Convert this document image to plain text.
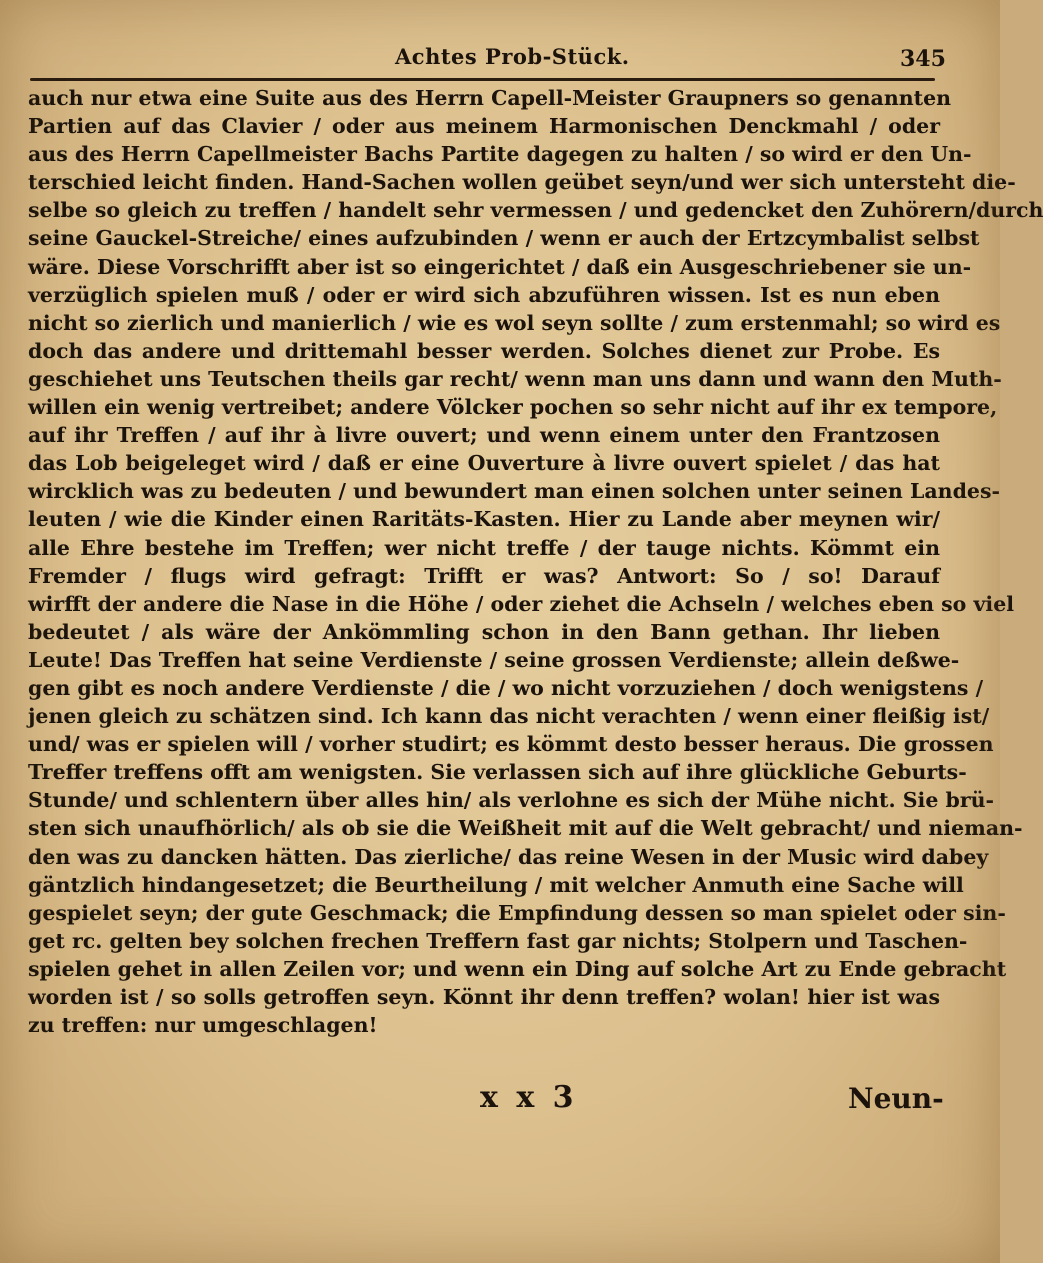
Achtes Prob-Stück.	345
auch nur etwa eine Suite aus des Herrn Capell-Meister Graupners so genannten
Partien auf das Clavier / oder aus meinem Harmonischen Denckmahl / oder
aus des Herrn Capellmeister Bachs Partite dagegen zu halten / so wird er den Un-
terschied leicht finden. Hand-Sachen wollen geübet seyn/und wer sich untersteht die-
selbe so gleich zu treffen / handelt sehr vermessen / und gedencket den Zuhörern/durch
seine Gauckel-Streiche/ eines aufzubinden / wenn er auch der Ertzcymbalist selbst
wäre. Diese Vorschrifft aber ist so eingerichtet / daß ein Ausgeschriebener sie un-
verzüglich spielen muß / oder er wird sich abzuführen wissen. Ist es nun eben
nicht so zierlich und manierlich / wie es wol seyn sollte / zum erstenmahl; so wird es
doch das andere und drittemahl besser werden. Solches dienet zur Probe. Es
geschiehet uns Teutschen theils gar recht/ wenn man uns dann und wann den Muth-
willen ein wenig vertreibet; andere Völcker pochen so sehr nicht auf ihr ex tempore,
auf ihr Treffen / auf ihr à livre ouvert; und wenn einem unter den Frantzosen
das Lob beigeleget wird / daß er eine Ouverture à livre ouvert spielet / das hat
wircklich was zu bedeuten / und bewundert man einen solchen unter seinen Landes-
leuten / wie die Kinder einen Raritäts-Kasten. Hier zu Lande aber meynen wir/
alle Ehre bestehe im Treffen; wer nicht treffe / der tauge nichts. Kömmt ein
Fremder / flugs wird gefragt: Trifft er was? Antwort: So / so! Darauf
wirfft der andere die Nase in die Höhe / oder ziehet die Achseln / welches eben so viel
bedeutet / als wäre der Ankömmling schon in den Bann gethan. Ihr lieben
Leute! Das Treffen hat seine Verdienste / seine grossen Verdienste; allein deßwe-
gen gibt es noch andere Verdienste / die / wo nicht vorzuziehen / doch wenigstens /
jenen gleich zu schätzen sind. Ich kann das nicht verachten / wenn einer fleißig ist/
und/ was er spielen will / vorher studirt; es kömmt desto besser heraus. Die grossen
Treffer treffens offt am wenigsten. Sie verlassen sich auf ihre glückliche Geburts-
Stunde/ und schlentern über alles hin/ als verlohne es sich der Mühe nicht. Sie brü-
sten sich unaufhörlich/ als ob sie die Weißheit mit auf die Welt gebracht/ und nieman-
den was zu dancken hätten. Das zierliche/ das reine Wesen in der Music wird dabey
gäntzlich hindangesetzet; die Beurtheilung / mit welcher Anmuth eine Sache will
gespielet seyn; der gute Geschmack; die Empfindung dessen so man spielet oder sin-
get rc. gelten bey solchen frechen Treffern fast gar nichts; Stolpern und Taschen-
spielen gehet in allen Zeilen vor; und wenn ein Ding auf solche Art zu Ende gebracht
worden ist / so solls getroffen seyn. Könnt ihr denn treffen? wolan! hier ist was
zu treffen: nur umgeschlagen!
x x 3	Neun-
